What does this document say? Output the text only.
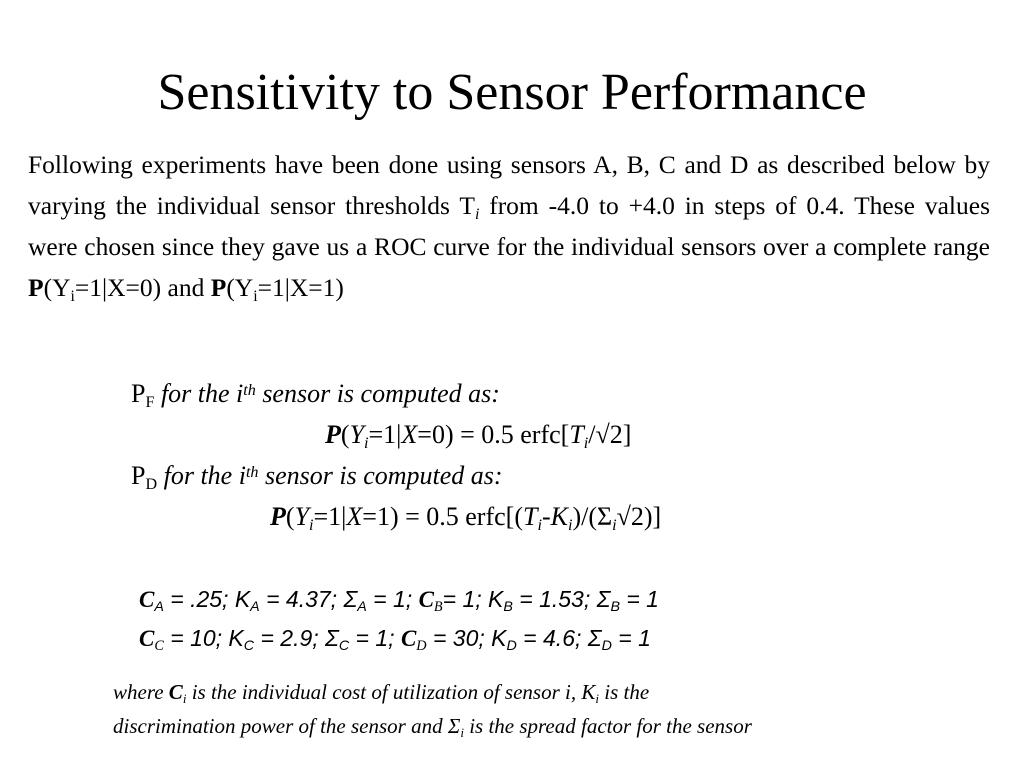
Sensitivity to Sensor Performance
Following experiments have been done using sensors A, B, C and D as described below by varying the individual sensor thresholds $T_i$ from -4.0 to +4.0 in steps of 0.4. These values were chosen since they gave us a ROC curve for the individual sensors over a complete range $P(Y_i=1|X=0)$ and $P(Y_i=1|X=1)$
$P_F$ for the $i^{th}$ sensor is computed as:
$P(Y_i=1|X=0) = 0.5$ $erfc[T_i/√2]$
$P_D$ for the $i^{th}$ sensor is computed as:
$P(Y_i=1|X=1) = 0.5$ $erfc[(T_i-K_i)/(\Sigma_i√2)]$
$C_A = .25$; $K_A = 4.37$; $\Sigma_A = 1$; $C_B= 1$; $K_B = 1.53$; $\Sigma_B = 1$
$C_C = 10$; $K_C = 2.9$; $\Sigma_C = 1$; $C_D = 30$; $K_D = 4.6$; $\Sigma_D = 1$
where $C_i$ is the individual cost of utilization of sensor i, $K_i$ is the
discrimination power of the sensor and $\Sigma_i$ is the spread factor for the sensor
